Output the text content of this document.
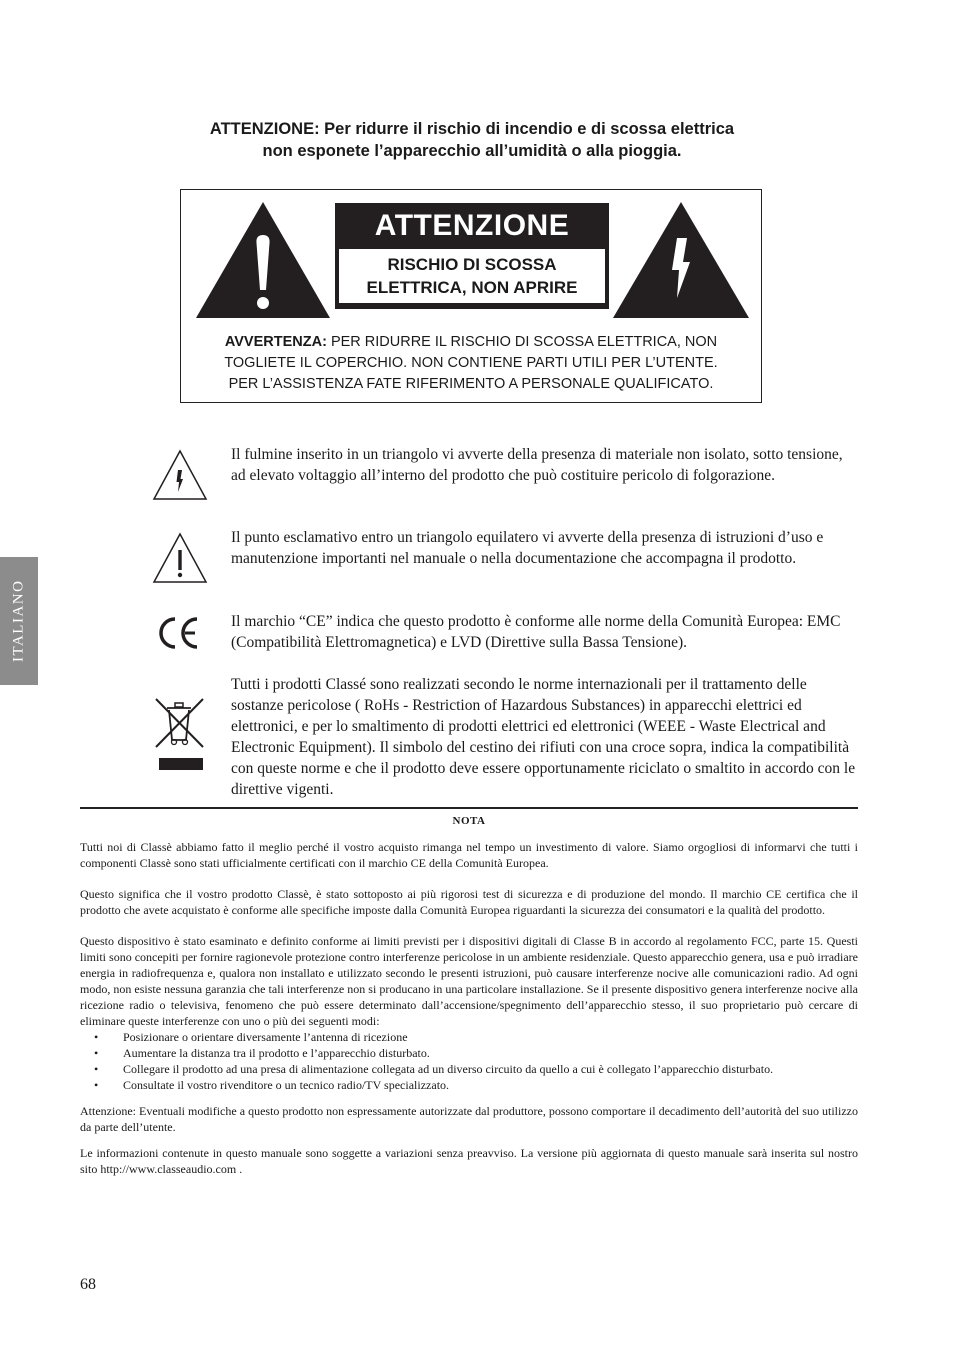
ATTENZIONE: Per ridurre il rischio di incendio e di scossa elettrica
non esponete l’apparecchio all’umidità o alla pioggia.
ATTENZIONE
RISCHIO DI SCOSSA
ELETTRICA, NON APRIRE
AVVERTENZA: PER RIDURRE IL RISCHIO DI SCOSSA ELETTRICA, NON
TOGLIETE IL COPERCHIO. NON CONTIENE PARTI UTILI PER L’UTENTE.
PER L’ASSISTENZA FATE RIFERIMENTO A PERSONALE QUALIFICATO.
Il fulmine inserito in un triangolo vi avverte della presenza di materiale non isolato, sotto tensione, ad elevato voltaggio all’interno del prodotto che può costituire pericolo di folgorazione.
Il punto esclamativo entro un triangolo equilatero vi avverte della presenza di istruzioni d’uso e manutenzione importanti nel manuale o nella documentazione che accompagna il prodotto.
Il marchio “CE” indica che questo prodotto è conforme alle norme della Comunità Europea: EMC (Compatibilità Elettromagnetica) e LVD (Direttive sulla Bassa Tensione).
Tutti i prodotti Classé sono realizzati secondo le norme internazionali per il trattamento delle sostanze pericolose ( RoHs - Restriction of Hazardous Substances) in apparecchi elettrici ed elettronici, e per lo smaltimento di prodotti elettrici ed elettronici (WEEE - Waste Electrical and Electronic Equipment). Il simbolo del cestino dei rifiuti con una croce sopra, indica la compatibilità con queste norme e che il prodotto deve essere opportunamente riciclato o smaltito in accordo con le direttive vigenti.
ITALIANO
NOTA

Tutti noi di Classè abbiamo fatto il meglio perché il vostro acquisto rimanga nel tempo un investimento di valore. Siamo orgogliosi di informarvi che tutti i componenti Classè sono stati ufficialmente certificati con il marchio CE della Comunità Europea.

Questo significa che il vostro prodotto Classè, è stato sottoposto ai più rigorosi test di sicurezza e di produzione del mondo. Il marchio CE certifica che il prodotto che avete acquistato è conforme alle specifiche imposte dalla Comunità Europea riguardanti la sicurezza dei consumatori e la qualità del prodotto.

Questo dispositivo è stato esaminato e definito conforme ai limiti previsti per i dispositivi digitali di Classe B in accordo al regolamento FCC, parte 15. Questi limiti sono concepiti per fornire ragionevole protezione contro interferenze pericolose in un ambiente residenziale. Questo apparecchio genera, usa e può irradiare energia in radiofrequenza e, qualora non installato e utilizzato secondo le presenti istruzioni, può causare interferenze nocive alle comunicazioni radio. Ad ogni modo, non esiste nessuna garanzia che tali interferenze non si producano in una particolare installazione. Se il presente dispositivo genera interferenze nocive alla ricezione radio o televisiva, fenomeno che può essere determinato dall’accensione/spegnimento dell’apparecchio stesso, il suo proprietario può cercare di eliminare queste interferenze con uno o più dei seguenti modi:

• Posizionare o orientare diversamente l’antenna di ricezione
• Aumentare la distanza tra il prodotto e l’apparecchio disturbato.
• Collegare il prodotto ad una presa di alimentazione collegata ad un diverso circuito da quello a cui è collegato l’apparecchio disturbato.
• Consultate il vostro rivenditore o un tecnico radio/TV specializzato.

Attenzione: Eventuali modifiche a questo prodotto non espressamente autorizzate dal produttore, possono comportare il decadimento dell’autorità del suo utilizzo da parte dell’utente.

Le informazioni contenute in questo manuale sono soggette a variazioni senza preavviso. La versione più aggiornata di questo manuale sarà inserita sul nostro sito http://www.classeaudio.com .

68
